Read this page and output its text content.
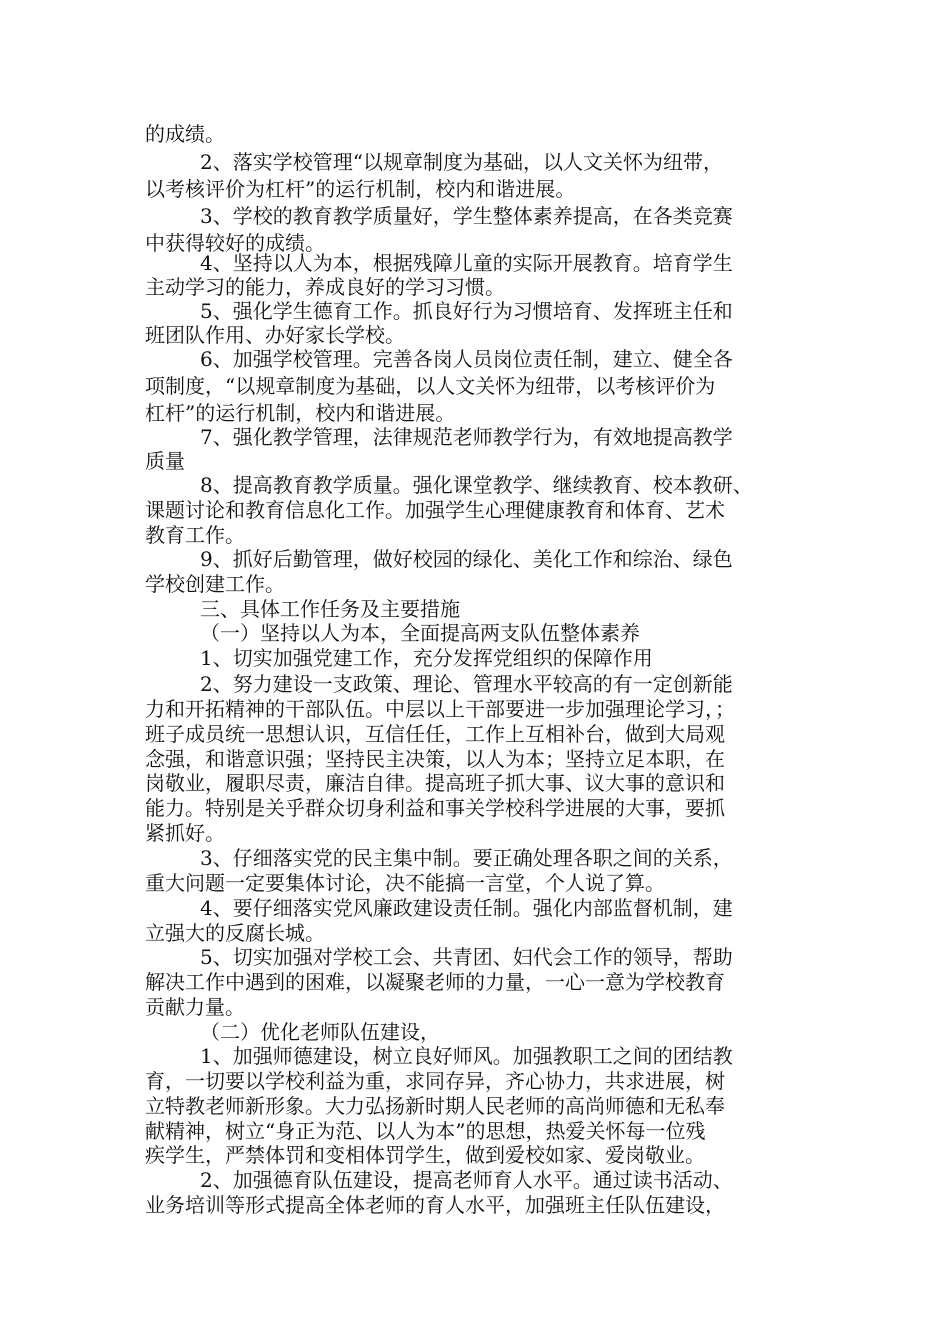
的成绩。
2、落实学校管理“以规章制度为基础，以人文关怀为纽带，
以考核评价为杠杆”的运行机制，校内和谐进展。
3、学校的教育教学质量好，学生整体素养提高，在各类竞赛
中获得较好的成绩。
4、坚持以人为本，根据残障儿童的实际开展教育。培育学生
主动学习的能力，养成良好的学习习惯。
5、强化学生德育工作。抓良好行为习惯培育、发挥班主任和
班团队作用、办好家长学校。
6、加强学校管理。完善各岗人员岗位责任制，建立、健全各
项制度，“以规章制度为基础，以人文关怀为纽带，以考核评价为
杠杆”的运行机制，校内和谐进展。
7、强化教学管理，法律规范老师教学行为，有效地提高教学
质量
8、提高教育教学质量。强化课堂教学、继续教育、校本教研、
课题讨论和教育信息化工作。加强学生心理健康教育和体育、艺术
教育工作。
9、抓好后勤管理，做好校园的绿化、美化工作和综治、绿色
学校创建工作。
三、具体工作任务及主要措施
（一）坚持以人为本，全面提高两支队伍整体素养
1、切实加强党建工作，充分发挥党组织的保障作用
2、努力建设一支政策、理论、管理水平较高的有一定创新能
力和开拓精神的干部队伍。中层以上干部要进一步加强理论学习，；
班子成员统一思想认识，互信任任，工作上互相补台，做到大局观
念强，和谐意识强；坚持民主决策，以人为本；坚持立足本职，在
岗敬业，履职尽责，廉洁自律。提高班子抓大事、议大事的意识和
能力。特别是关乎群众切身利益和事关学校科学进展的大事，要抓
紧抓好。
3、仔细落实党的民主集中制。要正确处理各职之间的关系，
重大问题一定要集体讨论，决不能搞一言堂，个人说了算。
4、要仔细落实党风廉政建设责任制。强化内部监督机制，建
立强大的反腐长城。
5、切实加强对学校工会、共青团、妇代会工作的领导，帮助
解决工作中遇到的困难，以凝聚老师的力量，一心一意为学校教育
贡献力量。
（二）优化老师队伍建设，
1、加强师德建设，树立良好师风。加强教职工之间的团结教
育，一切要以学校利益为重，求同存异，齐心协力，共求进展，树
立特教老师新形象。大力弘扬新时期人民老师的高尚师德和无私奉
献精神，树立“身正为范、以人为本”的思想，热爱关怀每一位残
疾学生，严禁体罚和变相体罚学生，做到爱校如家、爱岗敬业。
2、加强德育队伍建设，提高老师育人水平。通过读书活动、
业务培训等形式提高全体老师的育人水平，加强班主任队伍建设，
